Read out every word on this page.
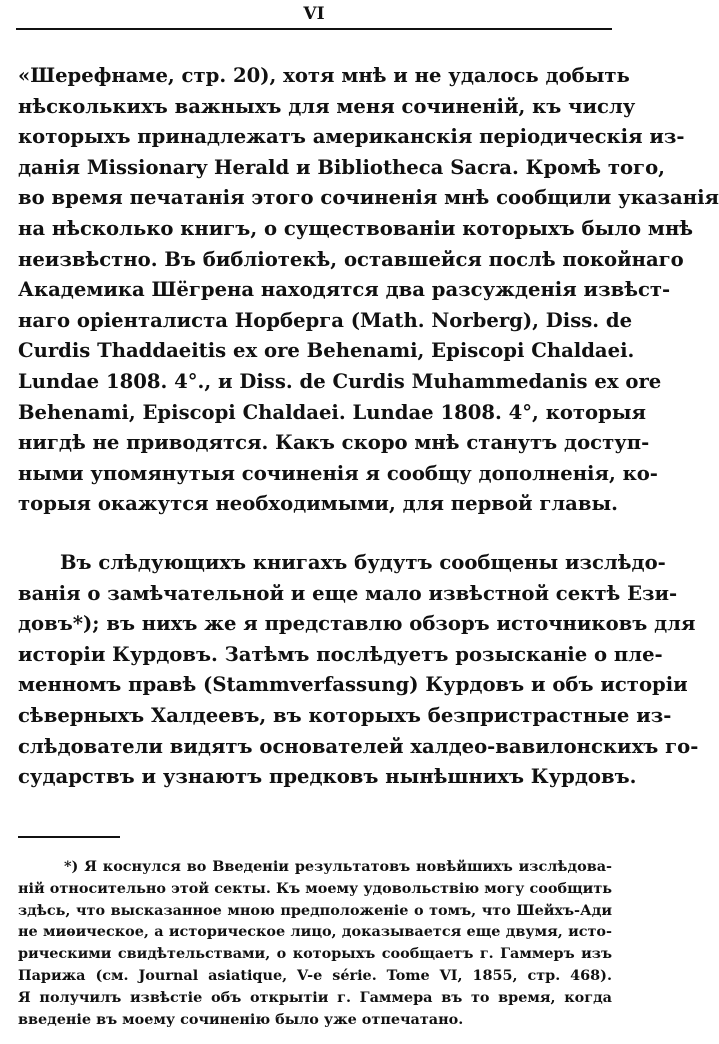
VI
«Шерефнаме, стр. 20), хотя мнѣ и не удалось добыть
нѣсколькихъ важныхъ для меня сочиненій, къ числу
которыхъ принадлежатъ американскія періодическія из-
данія Missionary Herald и Bibliotheca Sacra. Кромѣ того,
во время печатанія этого сочиненія мнѣ сообщили указанія
на нѣсколько книгъ, о существованіи которыхъ было мнѣ
неизвѣстно. Въ библіотекѣ, оставшейся послѣ покойнаго
Академика Шёгрена находятся два разсужденія извѣст-
наго оріенталиста Норберга (Math. Norberg), Diss. de
Curdis Thaddaeitis ex ore Behenami, Episcopi Chaldaei.
Lundae 1808. 4°., и Diss. de Curdis Muhammedanis ex ore
Behenami, Episcopi Chaldaei. Lundae 1808. 4°, которыя
нигдѣ не приводятся. Какъ скоро мнѣ станутъ доступ-
ными упомянутыя сочиненія я сообщу дополненія, ко-
торыя окажутся необходимыми, для первой главы.
Въ слѣдующихъ книгахъ будутъ сообщены изслѣдо-
ванія о замѣчательной и еще мало извѣстной сектѣ Ези-
довъ*); въ нихъ же я представлю обзоръ источниковъ для
исторіи Курдовъ. Затѣмъ послѣдуетъ розысканіе о пле-
менномъ правѣ (Stammverfassung) Курдовъ и объ исторіи
сѣверныхъ Халдеевъ, въ которыхъ безпристрастные из-
слѣдователи видятъ основателей халдео-вавилонскихъ го-
сударствъ и узнаютъ предковъ нынѣшнихъ Курдовъ.
*) Я коснулся во Введеніи результатовъ новѣйшихъ изслѣдова-
ній относительно этой секты. Къ моему удовольствію могу сообщить
здѣсь, что высказанное мною предположеніе о томъ, что Шейхъ-Ади
не миѳическое, а историческое лицо, доказывается еще двумя, исто-
рическими свидѣтельствами, о которыхъ сообщаетъ г. Гаммеръ изъ
Парижа (см. Journal asiatique, V-e série. Tome VI, 1855, стр. 468).
Я получилъ извѣстіе объ открытіи г. Гаммера въ то время, когда
введеніе въ моему сочиненію было уже отпечатано.
